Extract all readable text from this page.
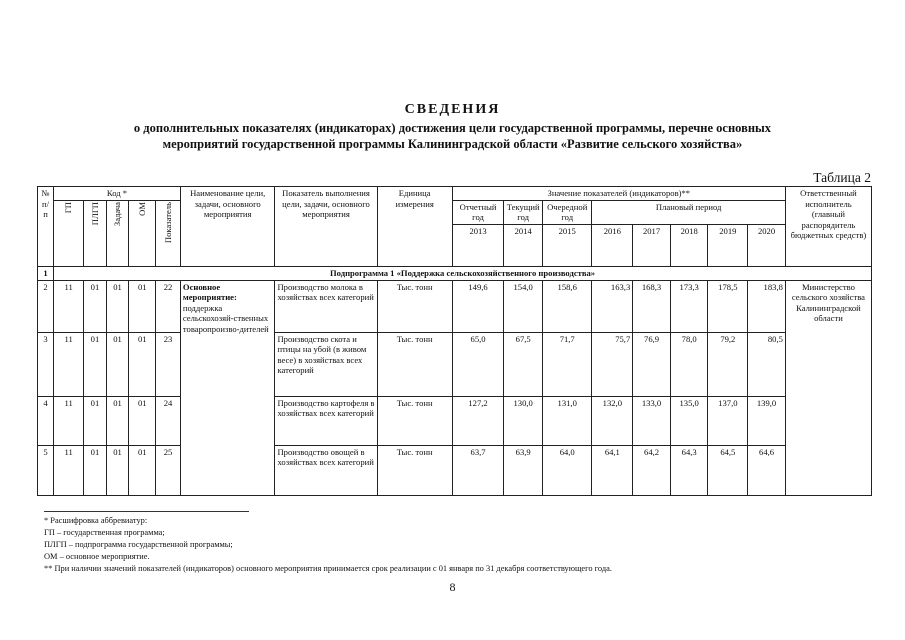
СВЕДЕНИЯ
о дополнительных показателях (индикаторах) достижения цели государственной программы, перечне основных
мероприятий государственной программы Калининградской области «Развитие сельского хозяйства»
Таблица 2
№
п/п	Код *					Наименование цели, задачи, основного мероприятия	Показатель выполнения цели, задачи, основного мероприятия	Единица измерения	Значение показателей (индикаторов)**								Ответственный исполнитель (главный распорядитель бюджетных средств)
	ГП	ПЛГП	Задача	ОМ	Показатель				Отчетный год	Текущий год	Очередной год	Плановый период					
									2013	2014	2015	2016	2017	2018	2019	2020	

1	Подпрограмма 1 «Поддержка сельскохозяйственного производства»																
2	11	01	01	01	22	Основное мероприятие:
поддержка сельскохозяй-ственных товаропроизво-дителей	Производство молока в хозяйствах всех категорий	Тыс. тонн	149,6	154,0	158,6	163,3	168,3	173,3	178,5	183,8	Министерство сельского хозяйства Калининградской области
3	11	01	01	01	23		Производство скота и птицы на убой (в живом весе) в хозяйствах всех категорий	Тыс. тонн	65,0	67,5	71,7	75,7	76,9	78,0	79,2	80,5	
4	11	01	01	01	24		Производство картофеля в хозяйствах всех категорий	Тыс. тонн	127,2	130,0	131,0	132,0	133,0	135,0	137,0	139,0	
5	11	01	01	01	25		Производство овощей в хозяйствах всех категорий	Тыс. тонн	63,7	63,9	64,0	64,1	64,2	64,3	64,5	64,6	
* Расшифровка аббревиатур:
ГП – государственная программа;
ПЛГП – подпрограмма государственной программы;
ОМ – основное мероприятие.
** При наличии значений показателей (индикаторов) основного мероприятия принимается срок реализации с 01 января по 31 декабря соответствующего года.
8
